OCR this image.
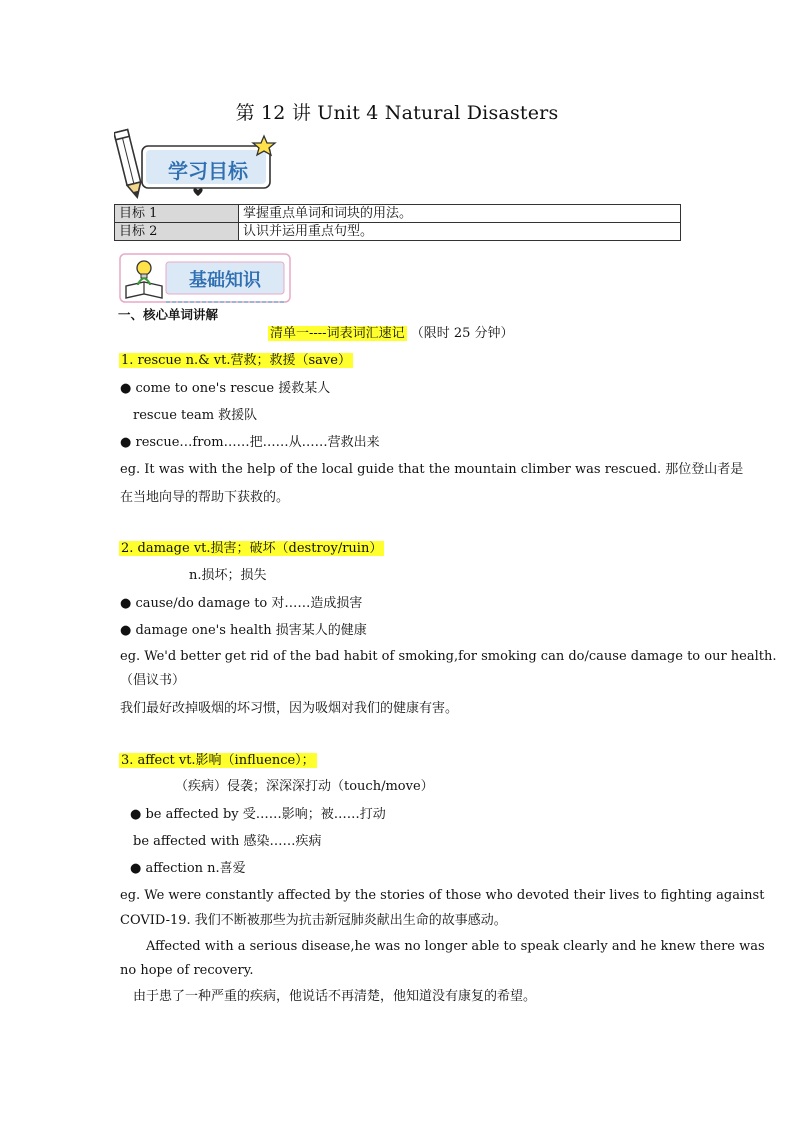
第 12 讲 Unit 4 Natural Disasters
学习目标
目标 1	掌握重点单词和词块的用法。
目标 2	认识并运用重点句型。
基础知识
一、核心单词讲解
清单一----词表词汇速记 （限时 25 分钟）
1. rescue n.& vt.营救；救援（save）
● come to one's rescue 援救某人
rescue team 救援队
● rescue…from……把……从……营救出来
eg. It was with the help of the local guide that the mountain climber was rescued. 那位登山者是
在当地向导的帮助下获救的。
2. damage vt.损害；破坏（destroy/ruin）
n.损坏；损失
● cause/do damage to 对……造成损害
● damage one's health 损害某人的健康
eg. We'd better get rid of the bad habit of smoking,for smoking can do/cause damage to our health.
（倡议书）
我们最好改掉吸烟的坏习惯，因为吸烟对我们的健康有害。
3. affect vt.影响（influence）；
（疾病）侵袭；深深深打动（touch/move）
● be affected by 受……影响；被……打动
be affected with 感染……疾病
● affection n.喜爱
eg. We were constantly affected by the stories of those who devoted their lives to fighting against
COVID-19. 我们不断被那些为抗击新冠肺炎献出生命的故事感动。
Affected with a serious disease,he was no longer able to speak clearly and he knew there was
no hope of recovery.
由于患了一种严重的疾病，他说话不再清楚，他知道没有康复的希望。
